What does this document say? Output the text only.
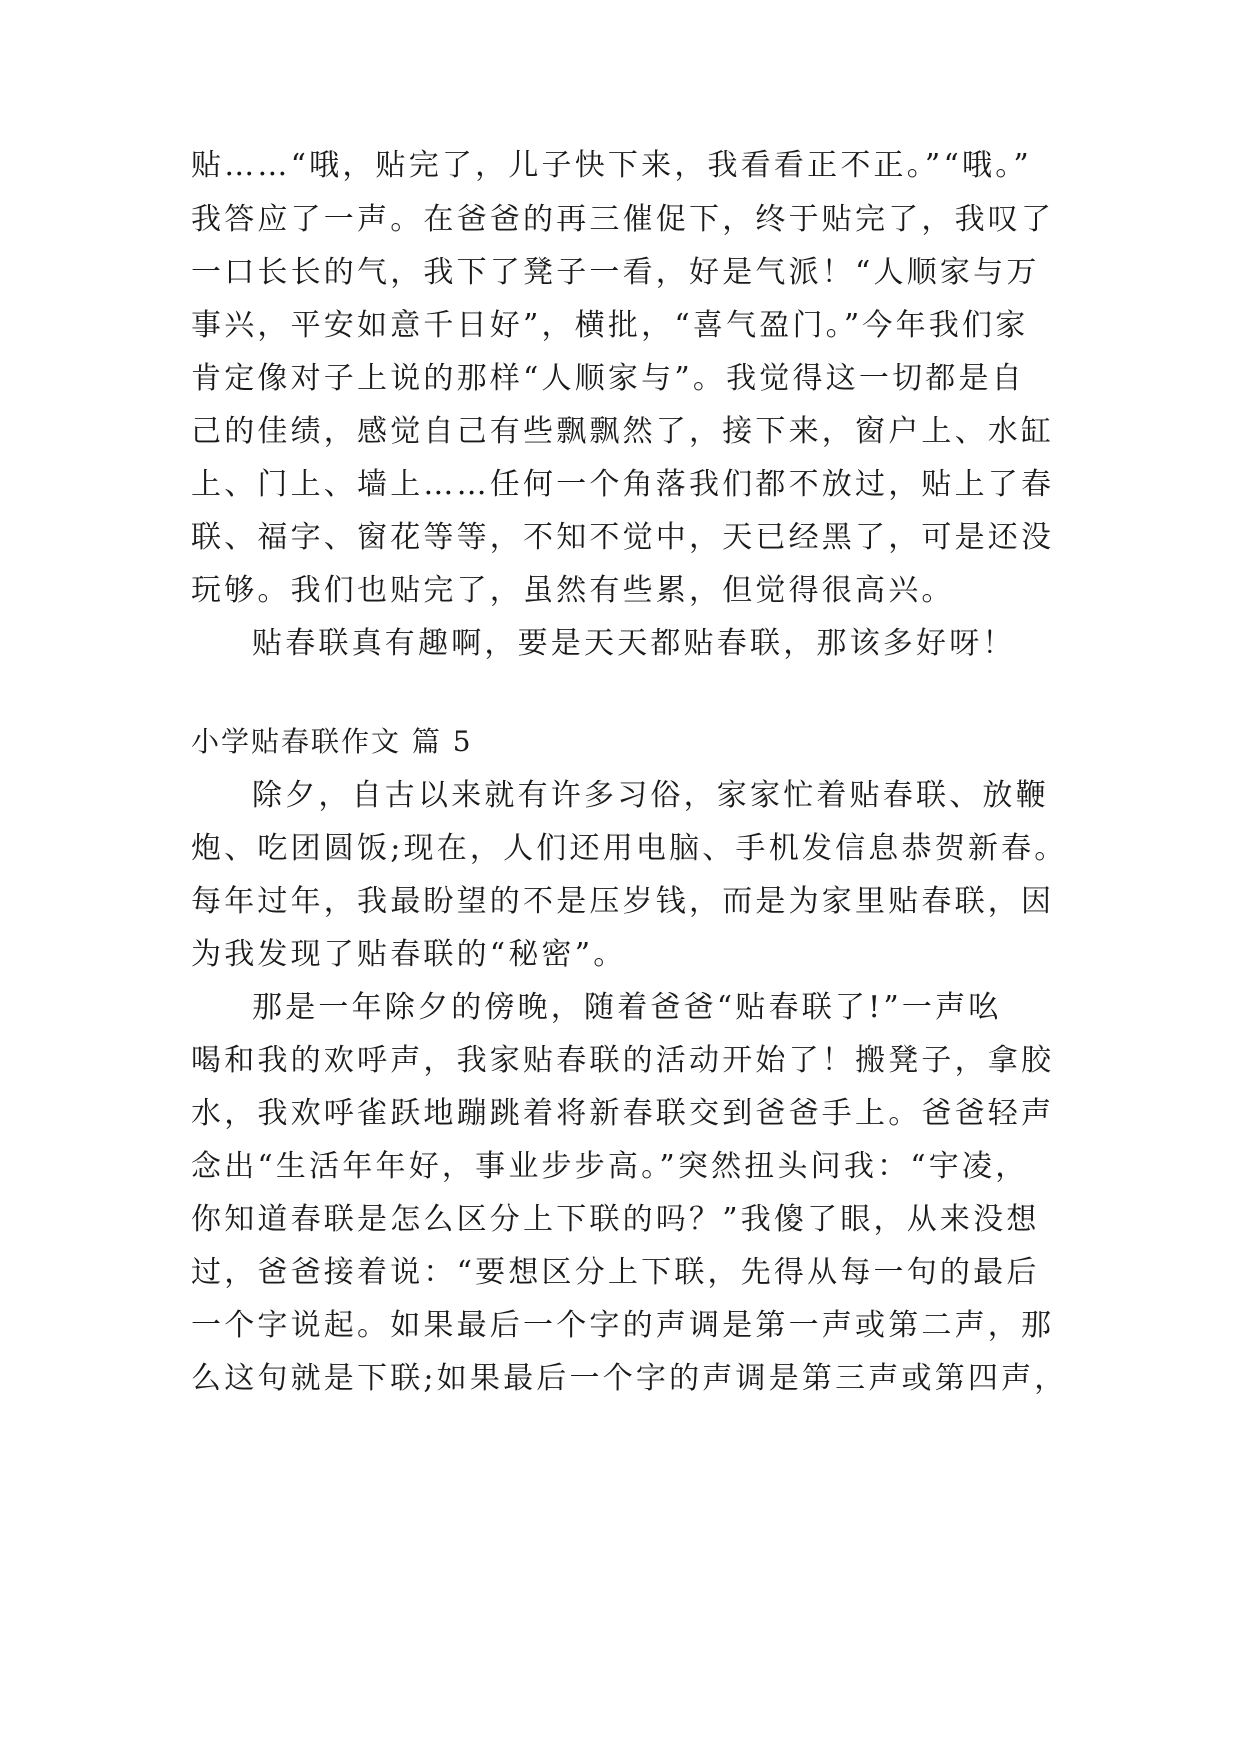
贴……“哦，贴完了，儿子快下来，我看看正不正。”“哦。”

我答应了一声。在爸爸的再三催促下，终于贴完了，我叹了

一口长长的气，我下了凳子一看，好是气派！“人顺家与万

事兴，平安如意千日好”，横批，“喜气盈门。”今年我们家

肯定像对子上说的那样“人顺家与”。我觉得这一切都是自

己的佳绩，感觉自己有些飘飘然了，接下来，窗户上、水缸

上、门上、墙上……任何一个角落我们都不放过，贴上了春

联、福字、窗花等等，不知不觉中，天已经黑了，可是还没

玩够。我们也贴完了，虽然有些累，但觉得很高兴。

贴春联真有趣啊，要是天天都贴春联，那该多好呀！

小学贴春联作文 篇 5

除夕，自古以来就有许多习俗，家家忙着贴春联、放鞭

炮、吃团圆饭;现在，人们还用电脑、手机发信息恭贺新春。

每年过年，我最盼望的不是压岁钱，而是为家里贴春联，因

为我发现了贴春联的“秘密”。

那是一年除夕的傍晚，随着爸爸“贴春联了!”一声吆

喝和我的欢呼声，我家贴春联的活动开始了！搬凳子，拿胶

水，我欢呼雀跃地蹦跳着将新春联交到爸爸手上。爸爸轻声

念出“生活年年好，事业步步高。”突然扭头问我：“宇凌，

你知道春联是怎么区分上下联的吗？”我傻了眼，从来没想

过，爸爸接着说：“要想区分上下联，先得从每一句的最后

一个字说起。如果最后一个字的声调是第一声或第二声，那

么这句就是下联;如果最后一个字的声调是第三声或第四声，
